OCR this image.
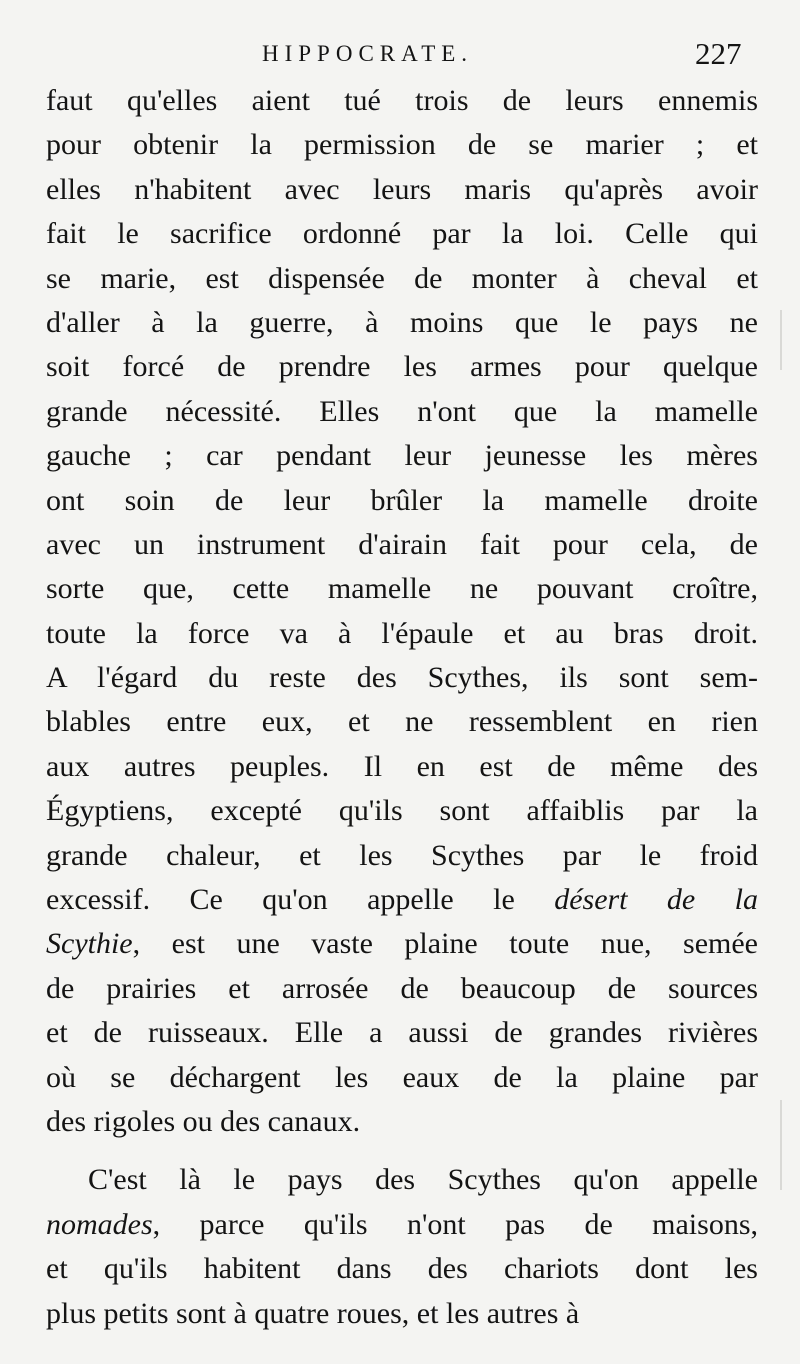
HIPPOCRATE.	227
faut qu'elles aient tué trois de leurs ennemis
pour obtenir la permission de se marier ; et
elles n'habitent avec leurs maris qu'après avoir
fait le sacrifice ordonné par la loi. Celle qui
se marie, est dispensée de monter à cheval et
d'aller à la guerre, à moins que le pays ne
soit forcé de prendre les armes pour quelque
grande nécessité. Elles n'ont que la mamelle
gauche ; car pendant leur jeunesse les mères
ont soin de leur brûler la mamelle droite
avec un instrument d'airain fait pour cela, de
sorte que, cette mamelle ne pouvant croître,
toute la force va à l'épaule et au bras droit.
A l'égard du reste des Scythes, ils sont sem-
blables entre eux, et ne ressemblent en rien
aux autres peuples. Il en est de même des
Égyptiens, excepté qu'ils sont affaiblis par la
grande chaleur, et les Scythes par le froid
excessif. Ce qu'on appelle le désert de la
Scythie, est une vaste plaine toute nue, semée
de prairies et arrosée de beaucoup de sources
et de ruisseaux. Elle a aussi de grandes rivières
où se déchargent les eaux de la plaine par
des rigoles ou des canaux.
C'est là le pays des Scythes qu'on appelle
nomades, parce qu'ils n'ont pas de maisons,
et qu'ils habitent dans des chariots dont les
plus petits sont à quatre roues, et les autres à
